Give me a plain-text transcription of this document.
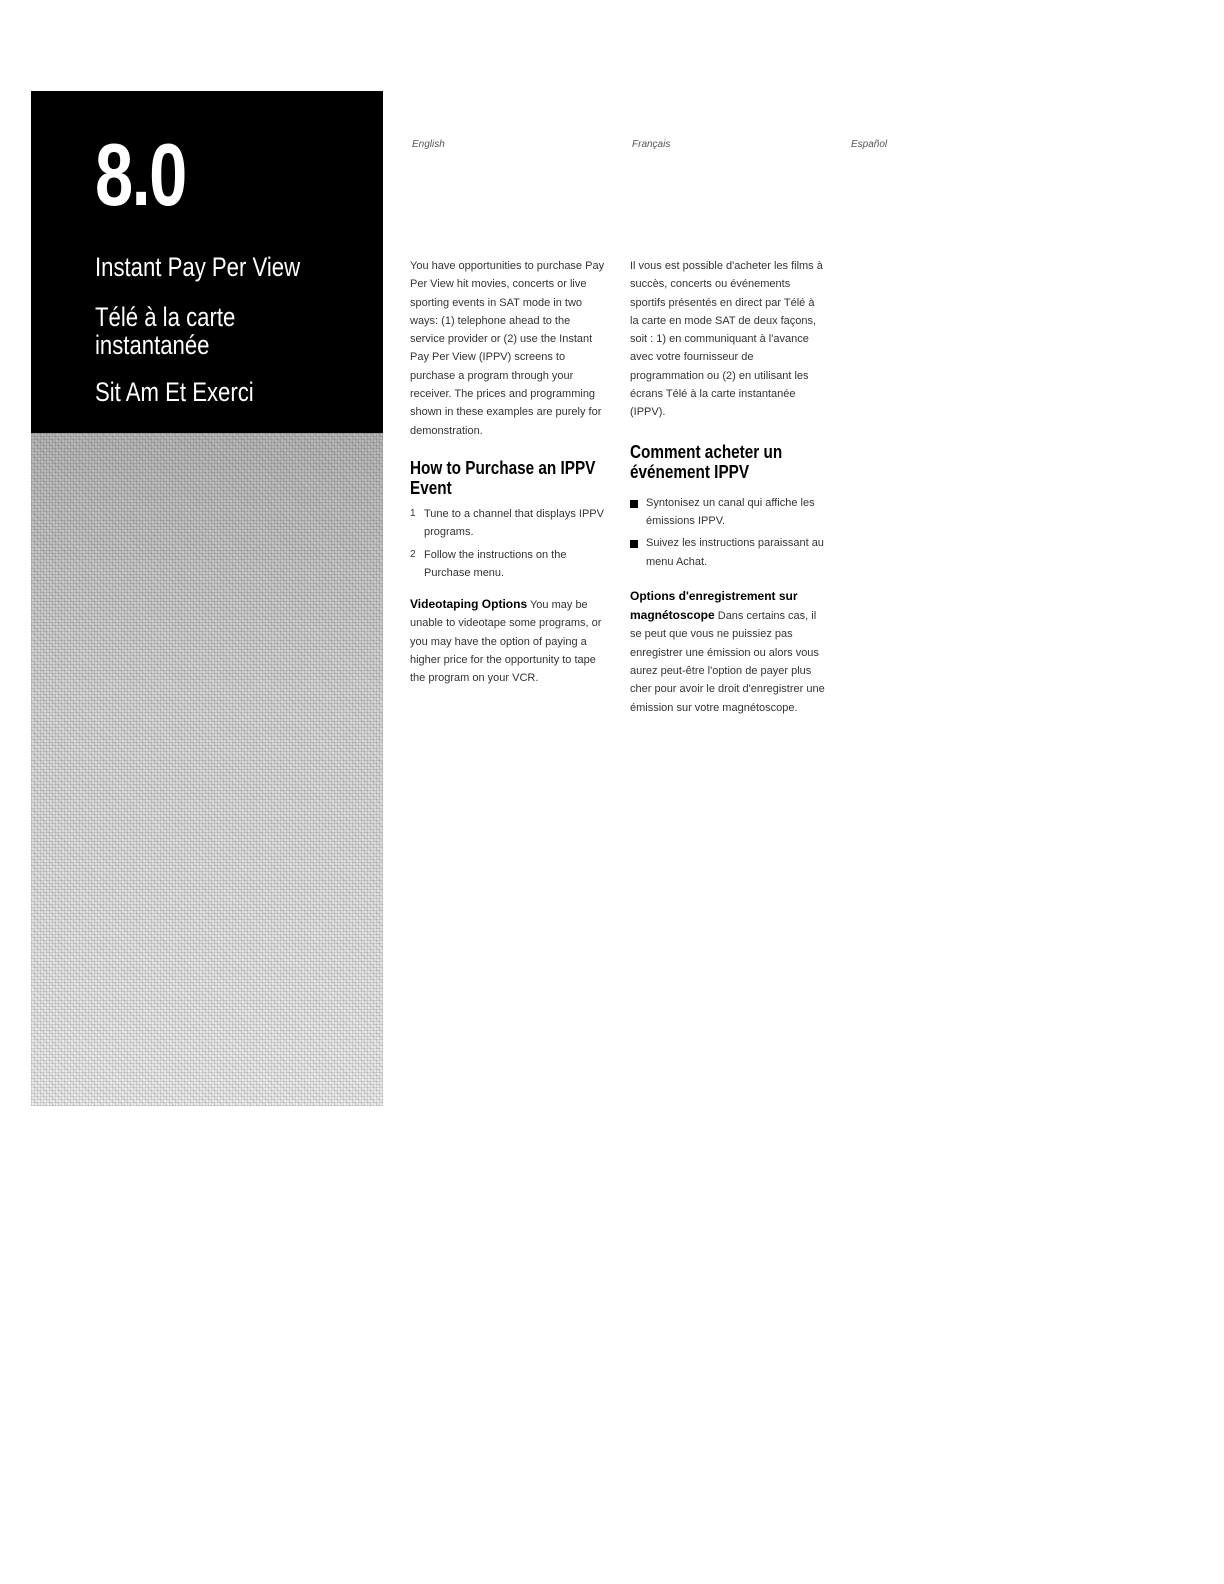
8.0
Instant Pay Per View
Télé à la carte instantanée
Sit Am Et Exerci
English	Français	Español

You have opportunities to purchase Pay Per View hit movies, concerts or live sporting events in SAT mode in two ways: (1) telephone ahead to the service provider or (2) use the Instant Pay Per View (IPPV) screens to purchase a program through your receiver. The prices and programming shown in these examples are purely for demonstration.

How to Purchase an IPPV Event
1 Tune to a channel that displays IPPV programs.
2 Follow the instructions on the Purchase menu.

Videotaping Options You may be unable to videotape some programs, or you may have the option of paying a higher price for the opportunity to tape the program on your VCR.

Il vous est possible d'acheter les films à succès, concerts ou événements sportifs présentés en direct par Télé à la carte en mode SAT de deux façons, soit : 1) en communiquant à l'avance avec votre fournisseur de programmation ou (2) en utilisant les écrans Télé à la carte instantanée (IPPV).

Comment acheter un événement IPPV
Syntonisez un canal qui affiche les émissions IPPV.
Suivez les instructions paraissant au menu Achat.

Options d'enregistrement sur magnétoscope Dans certains cas, il se peut que vous ne puissiez pas enregistrer une émission ou alors vous aurez peut-être l'option de payer plus cher pour avoir le droit d'enregistrer une émission sur votre magnétoscope.
